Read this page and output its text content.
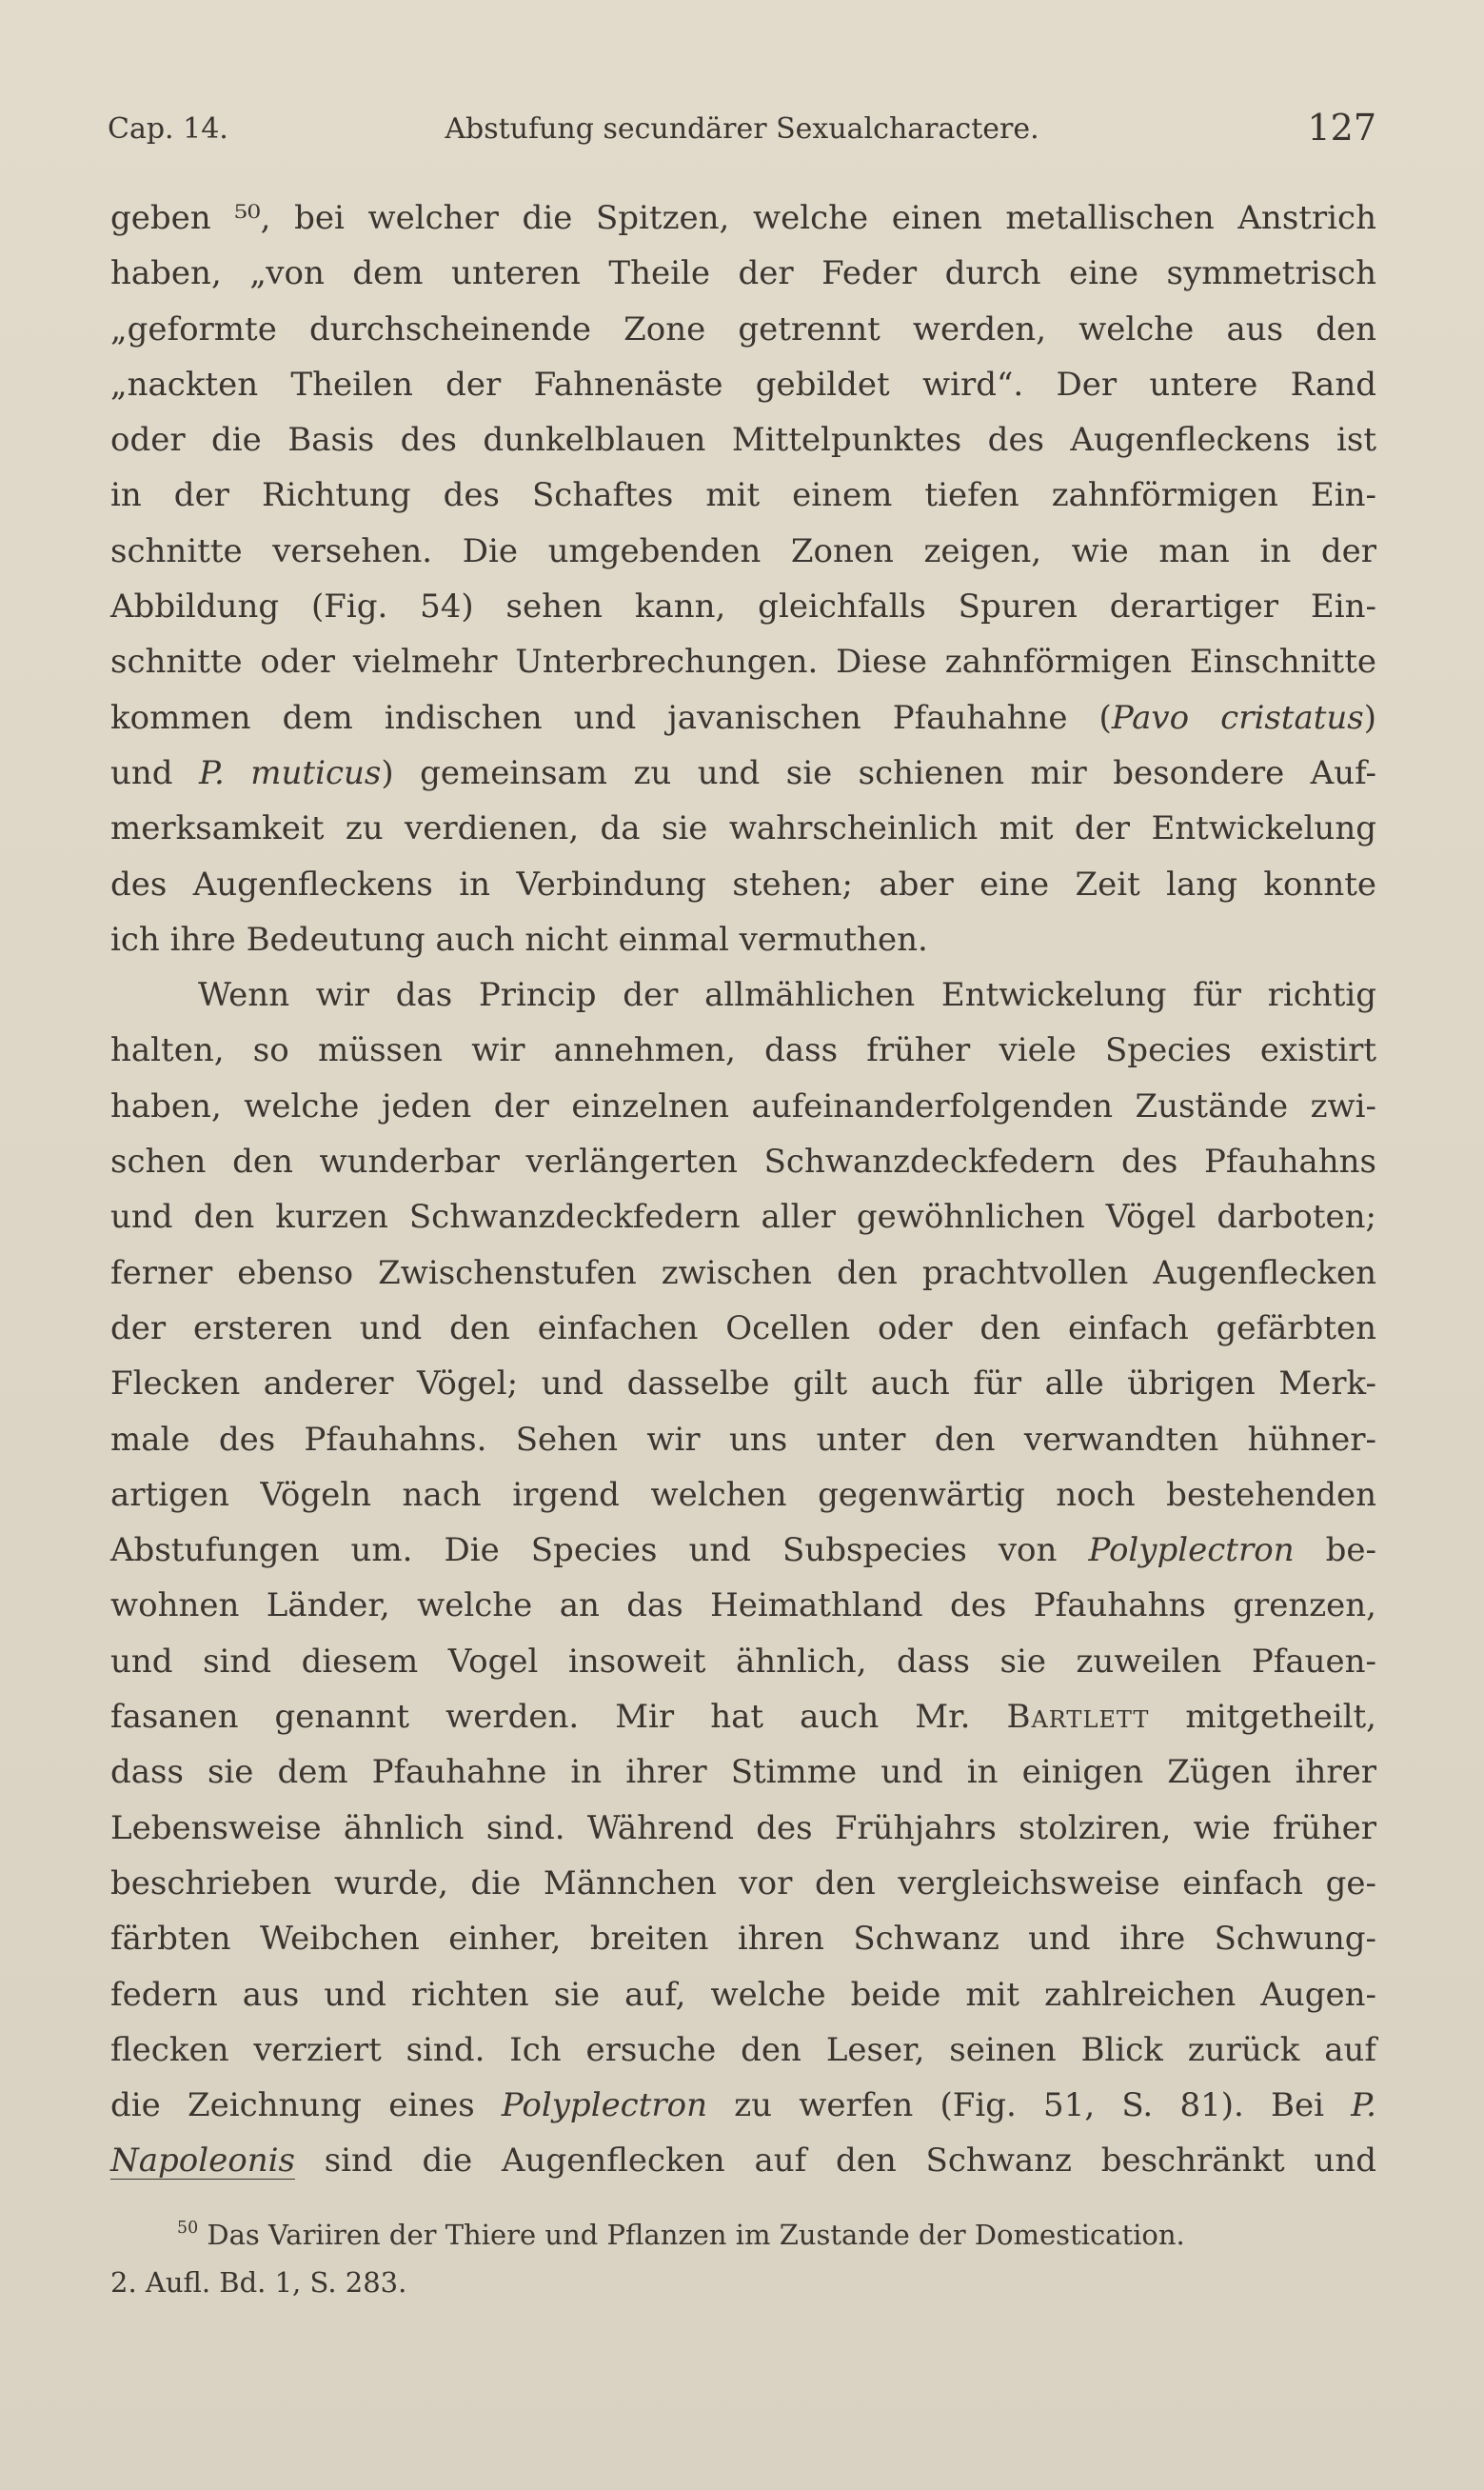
Cap. 14.	Abstufung secundärer Sexualcharactere.	127
geben ⁵⁰, bei welcher die Spitzen, welche einen metallischen Anstrich
haben, „von dem unteren Theile der Feder durch eine symmetrisch
„geformte durchscheinende Zone getrennt werden, welche aus den
„nackten Theilen der Fahnenäste gebildet wird“. Der untere Rand
oder die Basis des dunkelblauen Mittelpunktes des Augenfleckens ist
in der Richtung des Schaftes mit einem tiefen zahnförmigen Ein-
schnitte versehen. Die umgebenden Zonen zeigen, wie man in der
Abbildung (Fig. 54) sehen kann, gleichfalls Spuren derartiger Ein-
schnitte oder vielmehr Unterbrechungen. Diese zahnförmigen Einschnitte
kommen dem indischen und javanischen Pfauhahne (Pavo cristatus)
und P. muticus) gemeinsam zu und sie schienen mir besondere Auf-
merksamkeit zu verdienen, da sie wahrscheinlich mit der Entwickelung
des Augenfleckens in Verbindung stehen; aber eine Zeit lang konnte
ich ihre Bedeutung auch nicht einmal vermuthen.
Wenn wir das Princip der allmählichen Entwickelung für richtig
halten, so müssen wir annehmen, dass früher viele Species existirt
haben, welche jeden der einzelnen aufeinanderfolgenden Zustände zwi-
schen den wunderbar verlängerten Schwanzdeckfedern des Pfauhahns
und den kurzen Schwanzdeckfedern aller gewöhnlichen Vögel darboten;
ferner ebenso Zwischenstufen zwischen den prachtvollen Augenflecken
der ersteren und den einfachen Ocellen oder den einfach gefärbten
Flecken anderer Vögel; und dasselbe gilt auch für alle übrigen Merk-
male des Pfauhahns. Sehen wir uns unter den verwandten hühner-
artigen Vögeln nach irgend welchen gegenwärtig noch bestehenden
Abstufungen um. Die Species und Subspecies von Polyplectron be-
wohnen Länder, welche an das Heimathland des Pfauhahns grenzen,
und sind diesem Vogel insoweit ähnlich, dass sie zuweilen Pfauen-
fasanen genannt werden. Mir hat auch Mr. Bartlett mitgetheilt,
dass sie dem Pfauhahne in ihrer Stimme und in einigen Zügen ihrer
Lebensweise ähnlich sind. Während des Frühjahrs stolziren, wie früher
beschrieben wurde, die Männchen vor den vergleichsweise einfach ge-
färbten Weibchen einher, breiten ihren Schwanz und ihre Schwung-
federn aus und richten sie auf, welche beide mit zahlreichen Augen-
flecken verziert sind. Ich ersuche den Leser, seinen Blick zurück auf
die Zeichnung eines Polyplectron zu werfen (Fig. 51, S. 81). Bei P.
Napoleonis sind die Augenflecken auf den Schwanz beschränkt und
$^{50}$ Das Variiren der Thiere und Pflanzen im Zustande der Domestication.
2. Aufl. Bd. 1, S. 283.
